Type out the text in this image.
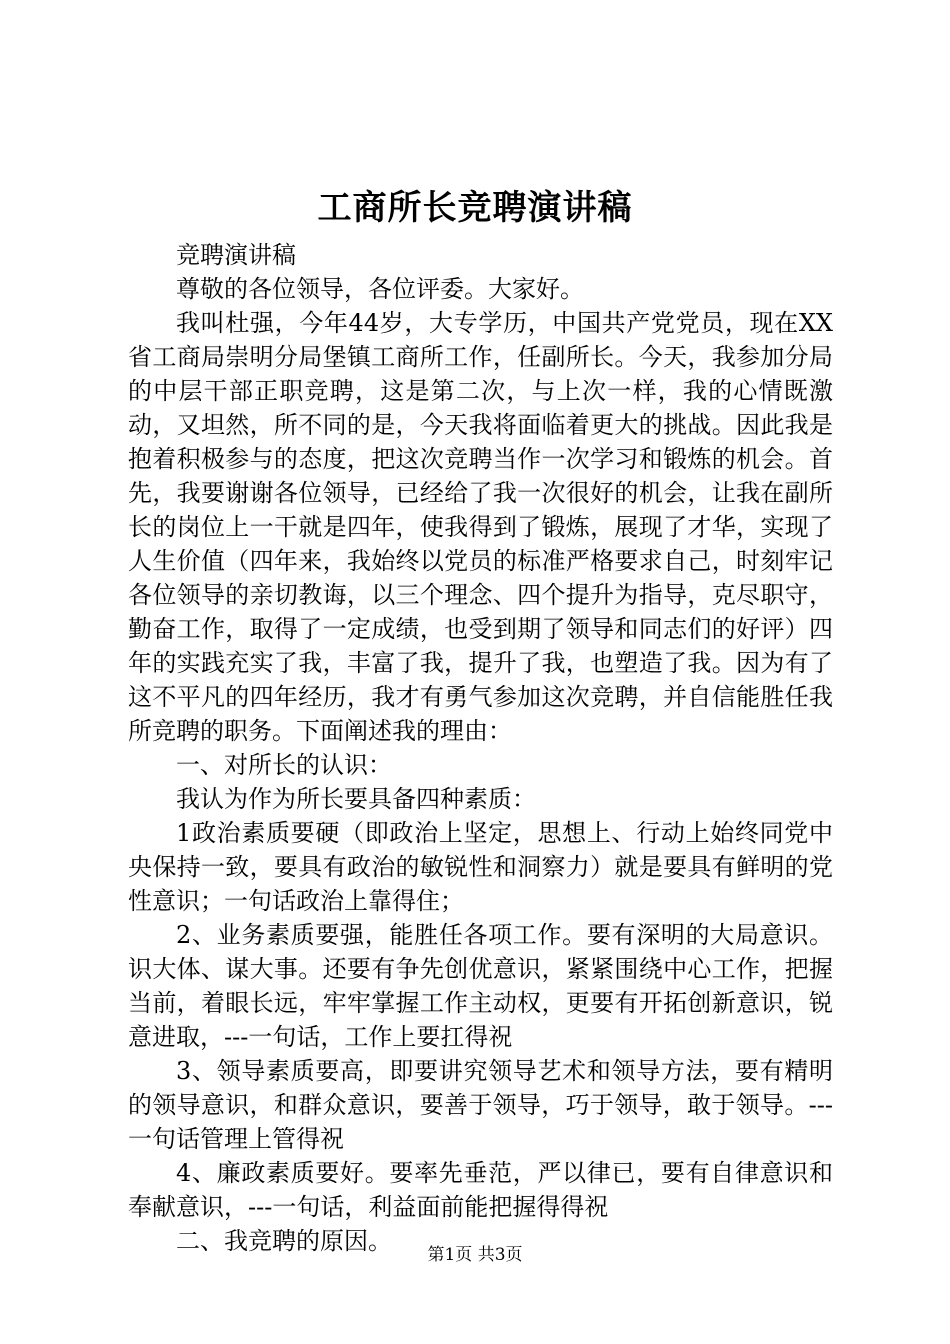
工商所长竞聘演讲稿

竞聘演讲稿

尊敬的各位领导，各位评委。大家好。

我叫杜强，今年44岁，大专学历，中国共产党党员，现在XX省工商局崇明分局堡镇工商所工作，任副所长。今天，我参加分局的中层干部正职竞聘，这是第二次，与上次一样，我的心情既激动，又坦然，所不同的是，今天我将面临着更大的挑战。因此我是抱着积极参与的态度，把这次竞聘当作一次学习和锻炼的机会。首先，我要谢谢各位领导，已经给了我一次很好的机会，让我在副所长的岗位上一干就是四年，使我得到了锻炼，展现了才华，实现了人生价值（四年来，我始终以党员的标准严格要求自己，时刻牢记各位领导的亲切教诲，以三个理念、四个提升为指导，克尽职守，勤奋工作，取得了一定成绩，也受到期了领导和同志们的好评）四年的实践充实了我，丰富了我，提升了我，也塑造了我。因为有了这不平凡的四年经历，我才有勇气参加这次竞聘，并自信能胜任我所竞聘的职务。下面阐述我的理由：

一、对所长的认识：

我认为作为所长要具备四种素质：

1政治素质要硬（即政治上坚定，思想上、行动上始终同党中央保持一致，要具有政治的敏锐性和洞察力）就是要具有鲜明的党性意识；一句话政治上靠得住；

2、业务素质要强，能胜任各项工作。要有深明的大局意识。识大体、谋大事。还要有争先创优意识，紧紧围绕中心工作，把握当前，着眼长远，牢牢掌握工作主动权，更要有开拓创新意识，锐意进取，---一句话，工作上要扛得祝

3、领导素质要高，即要讲究领导艺术和领导方法，要有精明的领导意识，和群众意识，要善于领导，巧于领导，敢于领导。---一句话管理上管得祝

4、廉政素质要好。要率先垂范，严以律已，要有自律意识和奉献意识，---一句话，利益面前能把握得得祝

二、我竞聘的原因。	第1页 共3页
